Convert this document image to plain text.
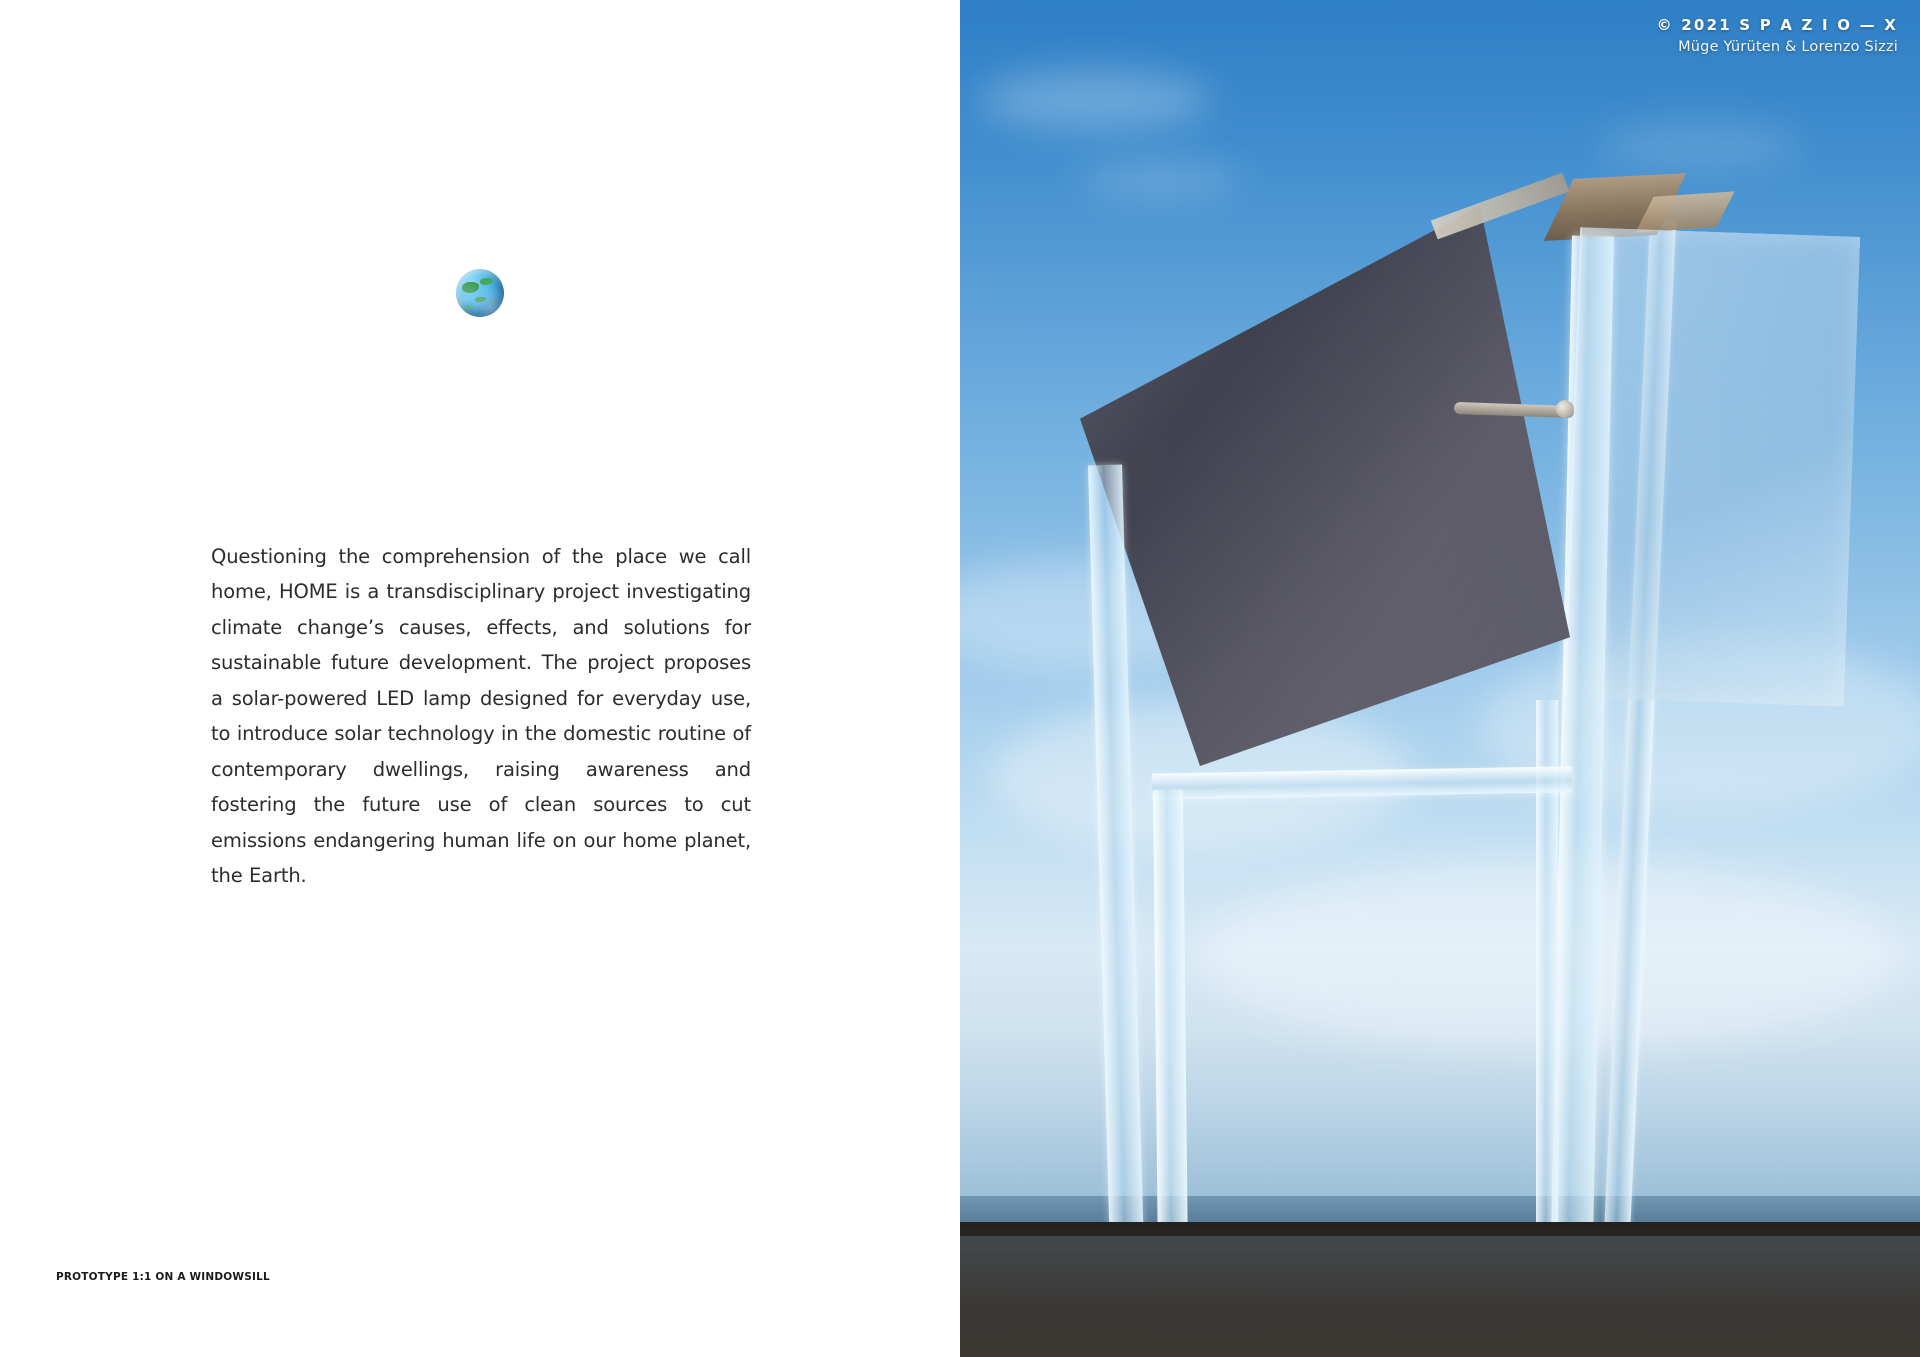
Questioning the comprehension of the place we call home, HOME is a transdisciplinary project investigating climate change’s causes, effects, and solutions for sustainable future development. The project proposes a solar-powered LED lamp designed for everyday use, to introduce solar technology in the domestic routine of contemporary dwellings, raising awareness and fostering the future use of clean sources to cut emissions endangering human life on our home planet, the Earth.

PROTOTYPE 1:1 ON A WINDOWSILL
© 2021 S P A Z I O — X
Müge Yürüten & Lorenzo Sizzi
